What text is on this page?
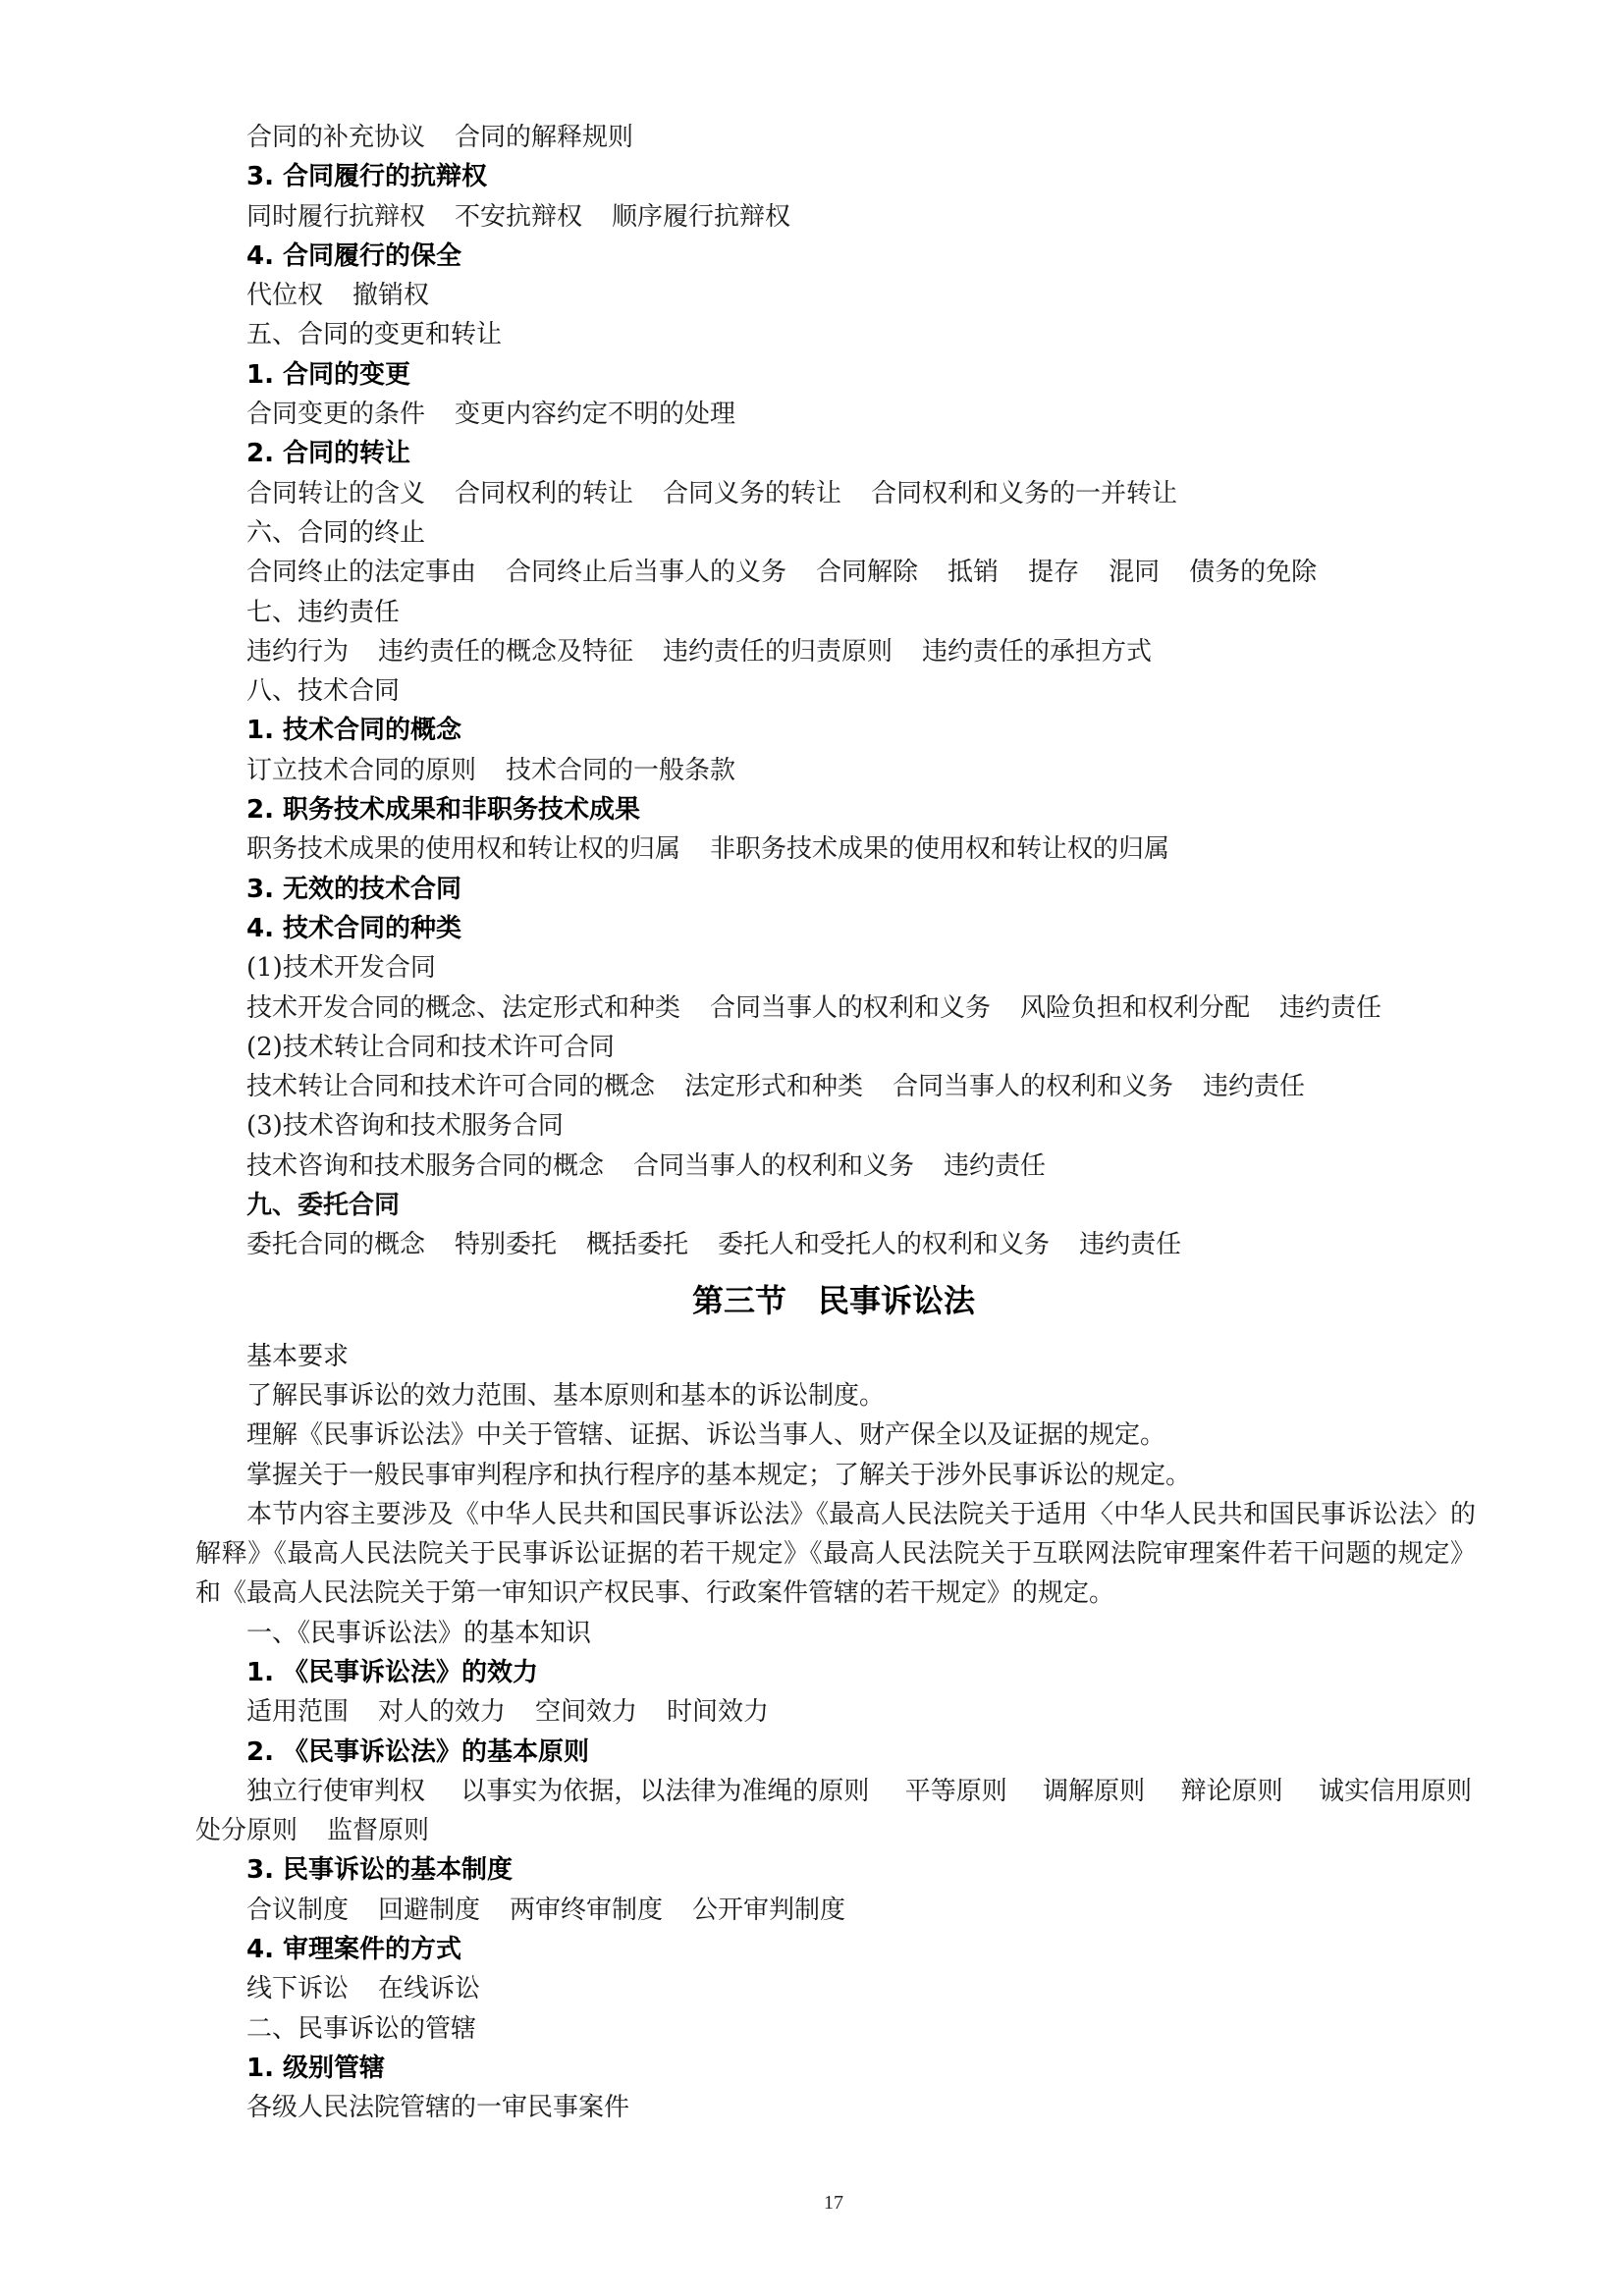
合同的补充协议 合同的解释规则
3. 合同履行的抗辩权
同时履行抗辩权 不安抗辩权 顺序履行抗辩权
4. 合同履行的保全
代位权 撤销权
五、合同的变更和转让
1. 合同的变更
合同变更的条件 变更内容约定不明的处理
2. 合同的转让
合同转让的含义 合同权利的转让 合同义务的转让 合同权利和义务的一并转让
六、合同的终止
合同终止的法定事由 合同终止后当事人的义务 合同解除 抵销 提存 混同 债务的免除
七、违约责任
违约行为 违约责任的概念及特征 违约责任的归责原则 违约责任的承担方式
八、技术合同
1. 技术合同的概念
订立技术合同的原则 技术合同的一般条款
2. 职务技术成果和非职务技术成果
职务技术成果的使用权和转让权的归属 非职务技术成果的使用权和转让权的归属
3. 无效的技术合同
4. 技术合同的种类
(1)技术开发合同
技术开发合同的概念、法定形式和种类 合同当事人的权利和义务 风险负担和权利分配 违约责任
(2)技术转让合同和技术许可合同
技术转让合同和技术许可合同的概念 法定形式和种类 合同当事人的权利和义务 违约责任
(3)技术咨询和技术服务合同
技术咨询和技术服务合同的概念 合同当事人的权利和义务 违约责任
九、委托合同
委托合同的概念 特别委托 概括委托 委托人和受托人的权利和义务 违约责任
第三节 民事诉讼法
基本要求
了解民事诉讼的效力范围、基本原则和基本的诉讼制度。
理解《民事诉讼法》中关于管辖、证据、诉讼当事人、财产保全以及证据的规定。
掌握关于一般民事审判程序和执行程序的基本规定；了解关于涉外民事诉讼的规定。
本节内容主要涉及《中华人民共和国民事诉讼法》《最高人民法院关于适用〈中华人民共和国民事诉讼法〉的
解释》《最高人民法院关于民事诉讼证据的若干规定》《最高人民法院关于互联网法院审理案件若干问题的规定》
和《最高人民法院关于第一审知识产权民事、行政案件管辖的若干规定》的规定。
一、《民事诉讼法》的基本知识
1. 《民事诉讼法》的效力
适用范围 对人的效力 空间效力 时间效力
2. 《民事诉讼法》的基本原则
独立行使审判权 以事实为依据，以法律为准绳的原则 平等原则 调解原则 辩论原则 诚实信用原则
处分原则 监督原则
3. 民事诉讼的基本制度
合议制度 回避制度 两审终审制度 公开审判制度
4. 审理案件的方式
线下诉讼 在线诉讼
二、民事诉讼的管辖
1. 级别管辖
各级人民法院管辖的一审民事案件
17
